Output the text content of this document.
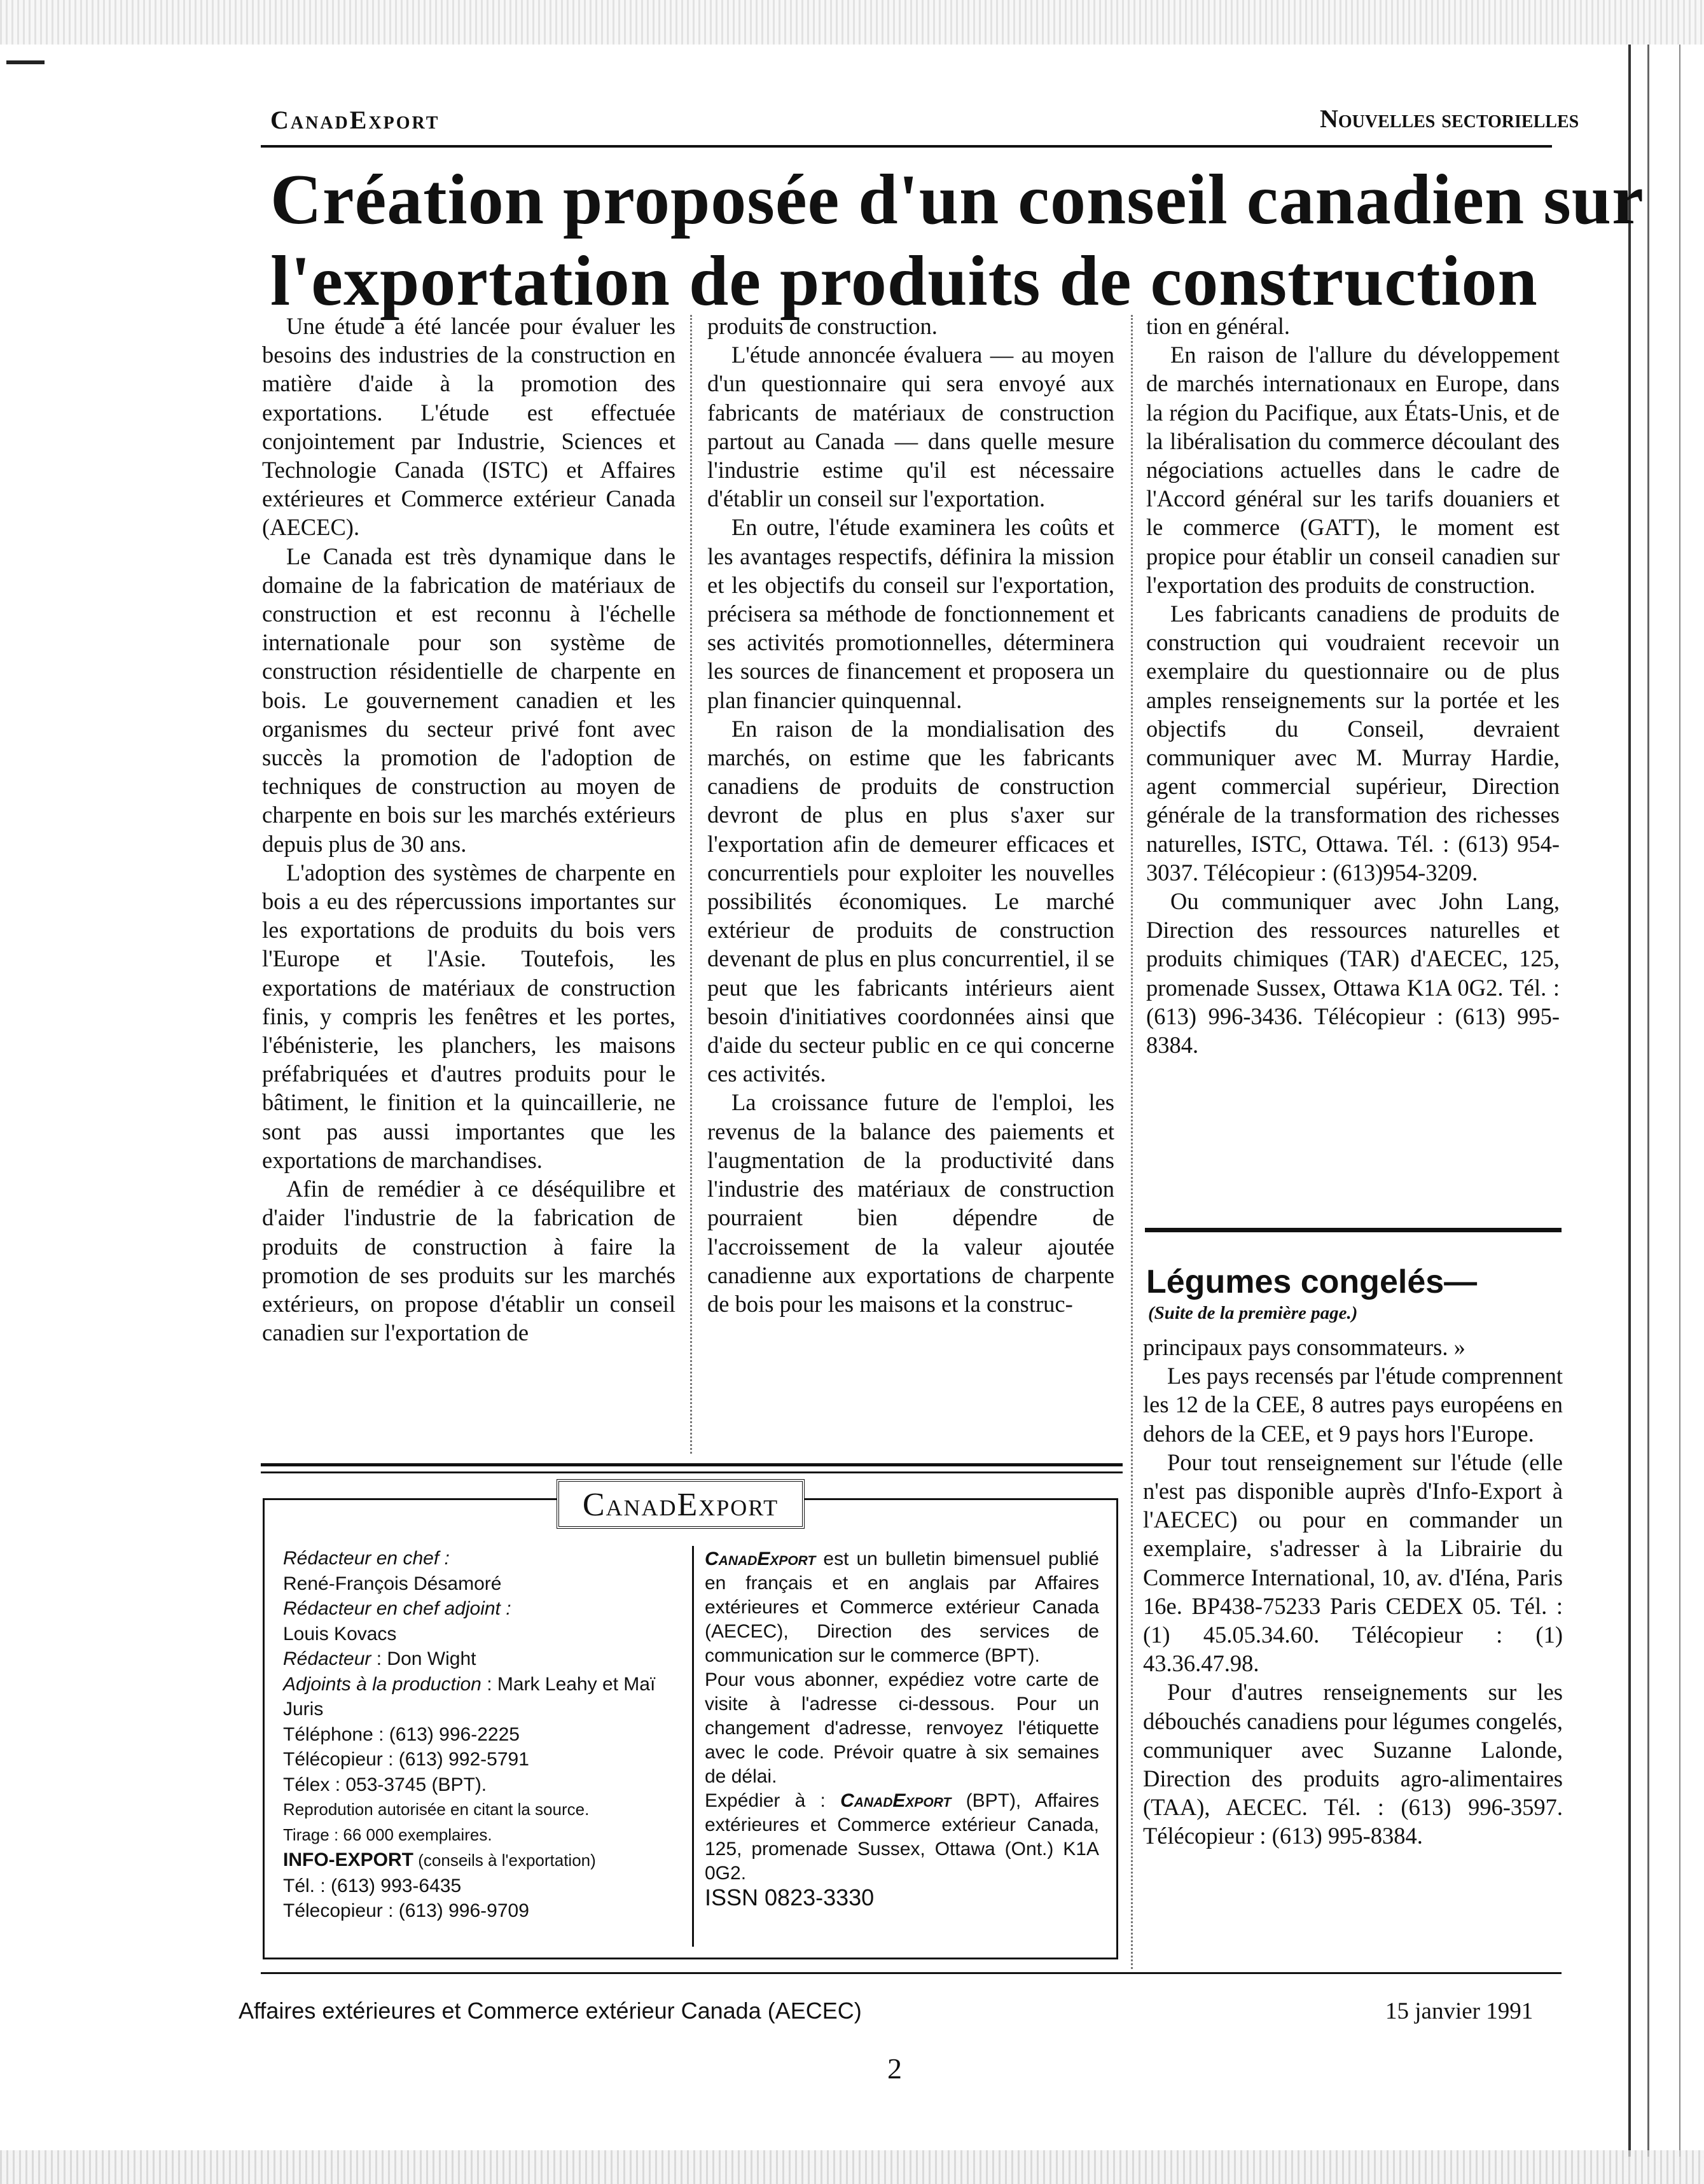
CanadExport	Nouvelles sectorielles
Création proposée d'un conseil canadien sur
l'exportation de produits de construction

Une étude a été lancée pour évaluer les besoins des industries de la construction en matière d'aide à la promotion des exportations. L'étude est effectuée conjointement par Industrie, Sciences et Technologie Canada (ISTC) et Affaires extérieures et Commerce extérieur Canada (AECEC).

Le Canada est très dynamique dans le domaine de la fabrication de matériaux de construction et est reconnu à l'échelle internationale pour son système de construction résidentielle de charpente en bois. Le gouvernement canadien et les organismes du secteur privé font avec succès la promotion de l'adoption de techniques de construction au moyen de charpente en bois sur les marchés extérieurs depuis plus de 30 ans.

L'adoption des systèmes de charpente en bois a eu des répercussions importantes sur les exportations de produits du bois vers l'Europe et l'Asie. Toutefois, les exportations de matériaux de construction finis, y compris les fenêtres et les portes, l'ébénisterie, les planchers, les maisons préfabriquées et d'autres produits pour le bâtiment, le finition et la quincaillerie, ne sont pas aussi importantes que les exportations de marchandises.

Afin de remédier à ce déséquilibre et d'aider l'industrie de la fabrication de produits de construction à faire la promotion de ses produits sur les marchés extérieurs, on propose d'établir un conseil canadien sur l'exportation de

produits de construction.

L'étude annoncée évaluera — au moyen d'un questionnaire qui sera envoyé aux fabricants de matériaux de construction partout au Canada — dans quelle mesure l'industrie estime qu'il est nécessaire d'établir un conseil sur l'exportation.

En outre, l'étude examinera les coûts et les avantages respectifs, définira la mission et les objectifs du conseil sur l'exportation, précisera sa méthode de fonctionnement et ses activités promotionnelles, déterminera les sources de financement et proposera un plan financier quinquennal.

En raison de la mondialisation des marchés, on estime que les fabricants canadiens de produits de construction devront de plus en plus s'axer sur l'exportation afin de demeurer efficaces et concurrentiels pour exploiter les nouvelles possibilités économiques. Le marché extérieur de produits de construction devenant de plus en plus concurrentiel, il se peut que les fabricants intérieurs aient besoin d'initiatives coordonnées ainsi que d'aide du secteur public en ce qui concerne ces activités.

La croissance future de l'emploi, les revenus de la balance des paiements et l'augmentation de la productivité dans l'industrie des matériaux de construction pourraient bien dépendre de l'accroissement de la valeur ajoutée canadienne aux exportations de charpente de bois pour les maisons et la construc-

tion en général.

En raison de l'allure du développement de marchés internationaux en Europe, dans la région du Pacifique, aux États-Unis, et de la libéralisation du commerce découlant des négociations actuelles dans le cadre de l'Accord général sur les tarifs douaniers et le commerce (GATT), le moment est propice pour établir un conseil canadien sur l'exportation des produits de construction.

Les fabricants canadiens de produits de construction qui voudraient recevoir un exemplaire du questionnaire ou de plus amples renseignements sur la portée et les objectifs du Conseil, devraient communiquer avec M. Murray Hardie, agent commercial supérieur, Direction générale de la transformation des richesses naturelles, ISTC, Ottawa. Tél. : (613) 954-3037. Télécopieur : (613)954-3209.

Ou communiquer avec John Lang, Direction des ressources naturelles et produits chimiques (TAR) d'AECEC, 125, promenade Sussex, Ottawa K1A 0G2. Tél. : (613) 996-3436. Télécopieur : (613) 995-8384.

Légumes congelés—
(Suite de la première page.)

principaux pays consommateurs. »

Les pays recensés par l'étude comprennent les 12 de la CEE, 8 autres pays européens en dehors de la CEE, et 9 pays hors l'Europe.

Pour tout renseignement sur l'étude (elle n'est pas disponible auprès d'Info-Export à l'AECEC) ou pour en commander un exemplaire, s'adresser à la Librairie du Commerce International, 10, av. d'Iéna, Paris 16e. BP438-75233 Paris CEDEX 05. Tél. : (1) 45.05.34.60. Télécopieur : (1) 43.36.47.98.

Pour d'autres renseignements sur les débouchés canadiens pour légumes congelés, communiquer avec Suzanne Lalonde, Direction des produits agro-alimentaires (TAA), AECEC. Tél. : (613) 996-3597. Télécopieur : (613) 995-8384.

CanadExport

Rédacteur en chef :

René-François Désamoré

Rédacteur en chef adjoint :

Louis Kovacs

Rédacteur : Don Wight

Adjoints à la production : Mark Leahy et Maï Juris

Téléphone : (613) 996-2225

Télécopieur : (613) 992-5791

Télex : 053-3745 (BPT).

Reprodution autorisée en citant la source.

Tirage : 66 000 exemplaires.

INFO-EXPORT (conseils à l'exportation)

Tél. : (613) 993-6435

Télecopieur : (613) 996-9709

CanadExport est un bulletin bimensuel publié en français et en anglais par Affaires extérieures et Commerce extérieur Canada (AECEC), Direction des services de communication sur le commerce (BPT).

Pour vous abonner, expédiez votre carte de visite à l'adresse ci-dessous. Pour un changement d'adresse, renvoyez l'étiquette avec le code. Prévoir quatre à six semaines de délai.

Expédier à : CanadExport (BPT), Affaires extérieures et Commerce extérieur Canada, 125, promenade Sussex, Ottawa (Ont.) K1A 0G2.

ISSN 0823-3330

Affaires extérieures et Commerce extérieur Canada (AECEC)	15 janvier 1991
2
